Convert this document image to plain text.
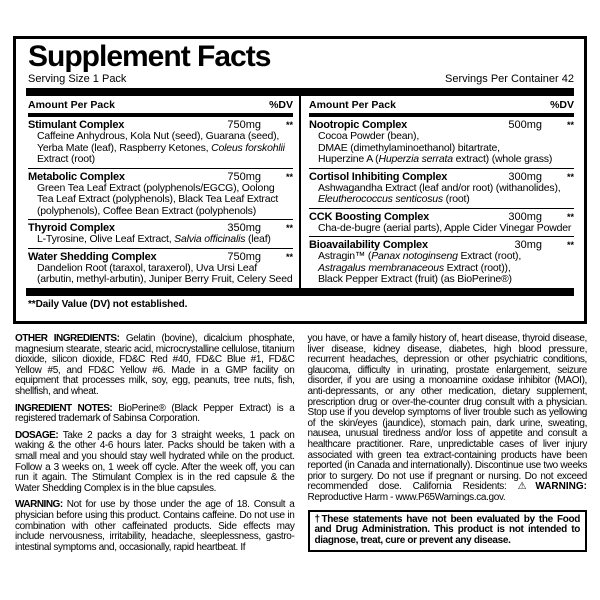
Supplement Facts
Serving Size 1 Pack	Servings Per Container 42
Amount Per Pack	%DV
Stimulant Complex	750mg	**
Caffeine Anhydrous, Kola Nut (seed), Guarana (seed), Yerba Mate (leaf), Raspberry Ketones, Coleus forskohlii Extract (root)
Metabolic Complex	750mg	**
Green Tea Leaf Extract (polyphenols/EGCG), Oolong Tea Leaf Extract (polyphenols), Black Tea Leaf Extract (polyphenols), Coffee Bean Extract (polyphenols)
Thyroid Complex	350mg	**
L-Tyrosine, Olive Leaf Extract, Salvia officinalis (leaf)
Water Shedding Complex	750mg	**
Dandelion Root (taraxol, taraxerol), Uva Ursi Leaf (arbutin, methyl-arbutin), Juniper Berry Fruit, Celery Seed
Amount Per Pack	%DV
Nootropic Complex	500mg	**
Cocoa Powder (bean),
DMAE (dimethylaminoethanol) bitartrate,
Huperzine A (Huperzia serrata extract) (whole grass)
Cortisol Inhibiting Complex	300mg	**
Ashwagandha Extract (leaf and/or root) (withanolides),
Eleutherococcus senticosus (root)
CCK Boosting Complex	300mg	**
Cha-de-bugre (aerial parts), Apple Cider Vinegar Powder
Bioavailability Complex	30mg	**
Astragin™ (Panax notoginseng Extract (root),
Astragalus membranaceous Extract (root)),
Black Pepper Extract (fruit) (as BioPerine®)
**Daily Value (DV) not established.
OTHER INGREDIENTS: Gelatin (bovine), dicalcium phosphate, magnesium stearate, stearic acid, microcrystalline cellulose, titanium dioxide, silicon dioxide, FD&C Red #40, FD&C Blue #1, FD&C Yellow #5, and FD&C Yellow #6. Made in a GMP facility on equipment that processes milk, soy, egg, peanuts, tree nuts, fish, shellfish, and wheat.
INGREDIENT NOTES: BioPerine® (Black Pepper Extract) is a registered trademark of Sabinsa Corporation.
DOSAGE: Take 2 packs a day for 3 straight weeks, 1 pack on waking & the other 4-6 hours later. Packs should be taken with a small meal and you should stay well hydrated while on the product. Follow a 3 weeks on, 1 week off cycle. After the week off, you can run it again. The Stimulant Complex is in the red capsule & the Water Shedding Complex is in the blue capsules.
WARNING: Not for use by those under the age of 18. Consult a physician before using this product. Contains caffeine. Do not use in combination with other caffeinated products. Side effects may include nervousness, irritability, headache, sleeplessness, gastro-intestinal symptoms and, occasionally, rapid heartbeat. If
you have, or have a family history of, heart disease, thyroid disease, liver disease, kidney disease, diabetes, high blood pressure, recurrent headaches, depression or other psychiatric conditions, glaucoma, difficulty in urinating, prostate enlargement, seizure disorder, if you are using a monoamine oxidase inhibitor (MAOI), anti-depressants, or any other medication, dietary supplement, prescription drug or over-the-counter drug consult with a physician. Stop use if you develop symptoms of liver trouble such as yellowing of the skin/eyes (jaundice), stomach pain, dark urine, sweating, nausea, unusual tiredness and/or loss of appetite and consult a healthcare practitioner. Rare, unpredictable cases of liver injury associated with green tea extract-containing products have been reported (in Canada and internationally). Discontinue use two weeks prior to surgery. Do not use if pregnant or nursing. Do not exceed recommended dose. California Residents: ⚠WARNING: Reproductive Harm - www.P65Warnings.ca.gov.
†These statements have not been evaluated by the Food and Drug Administration. This product is not intended to diagnose, treat, cure or prevent any disease.
